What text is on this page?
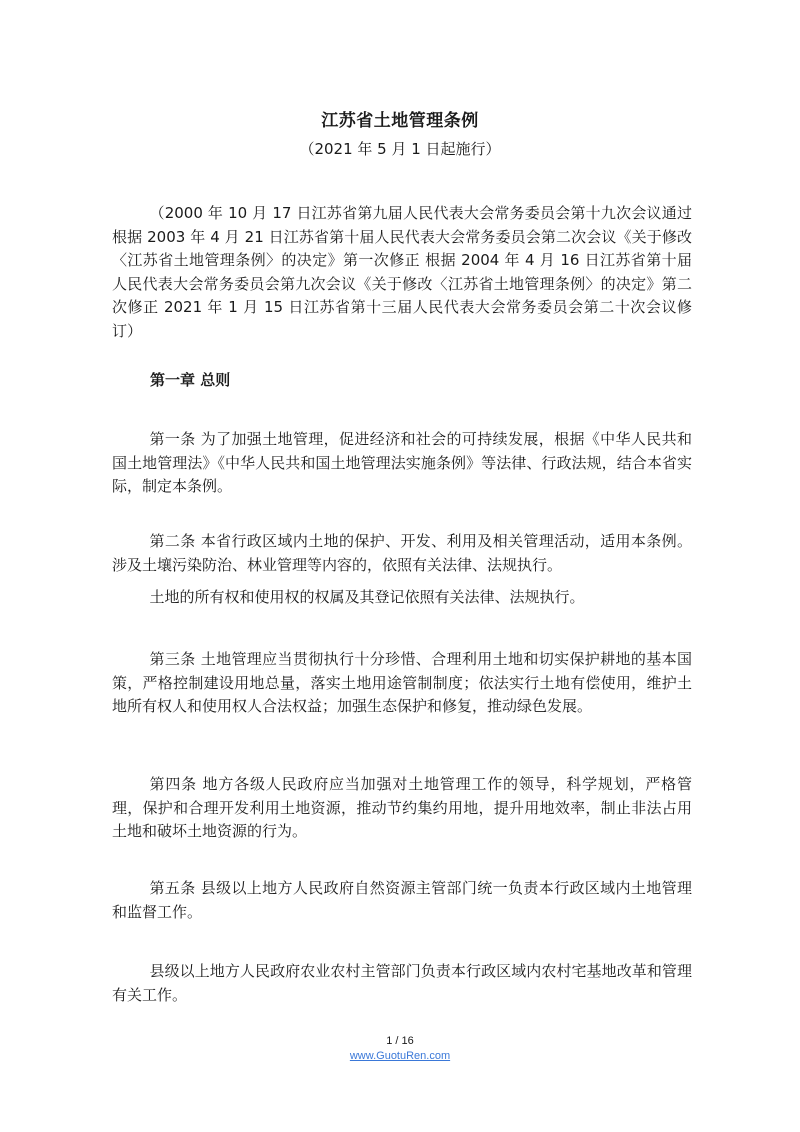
江苏省土地管理条例
（2021 年 5 月 1 日起施行）
（2000 年 10 月 17 日江苏省第九届人民代表大会常务委员会第十九次会议通过 根据 2003 年 4 月 21 日江苏省第十届人民代表大会常务委员会第二次会议《关于修改〈江苏省土地管理条例〉的决定》第一次修正 根据 2004 年 4 月 16 日江苏省第十届人民代表大会常务委员会第九次会议《关于修改〈江苏省土地管理条例〉的决定》第二次修正 2021 年 1 月 15 日江苏省第十三届人民代表大会常务委员会第二十次会议修订）
第一章 总则
第一条 为了加强土地管理，促进经济和社会的可持续发展，根据《中华人民共和国土地管理法》《中华人民共和国土地管理法实施条例》等法律、行政法规，结合本省实际，制定本条例。
第二条 本省行政区域内土地的保护、开发、利用及相关管理活动，适用本条例。涉及土壤污染防治、林业管理等内容的，依照有关法律、法规执行。
土地的所有权和使用权的权属及其登记依照有关法律、法规执行。
第三条 土地管理应当贯彻执行十分珍惜、合理利用土地和切实保护耕地的基本国策，严格控制建设用地总量，落实土地用途管制制度；依法实行土地有偿使用，维护土地所有权人和使用权人合法权益；加强生态保护和修复，推动绿色发展。
第四条 地方各级人民政府应当加强对土地管理工作的领导，科学规划，严格管理，保护和合理开发利用土地资源，推动节约集约用地，提升用地效率，制止非法占用土地和破坏土地资源的行为。
第五条 县级以上地方人民政府自然资源主管部门统一负责本行政区域内土地管理和监督工作。
县级以上地方人民政府农业农村主管部门负责本行政区域内农村宅基地改革和管理有关工作。
1 / 16
www.GuotuRen.com
